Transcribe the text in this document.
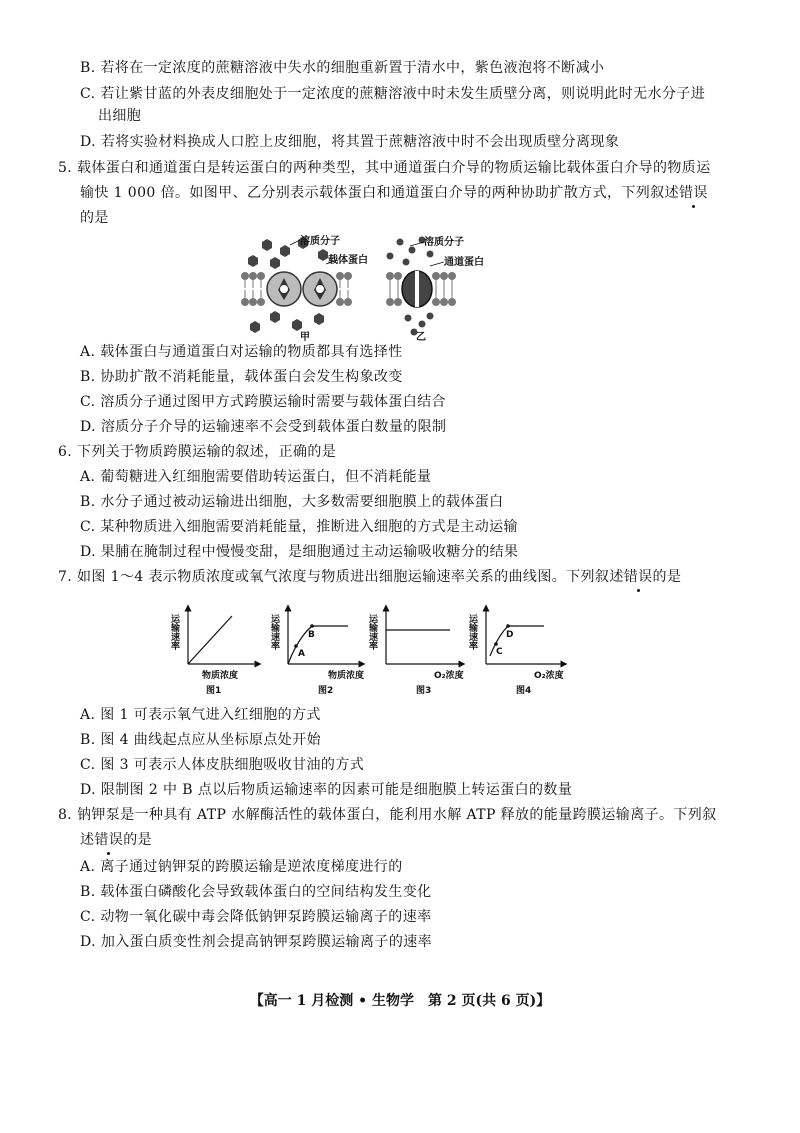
B. 若将在一定浓度的蔗糖溶液中失水的细胞重新置于清水中，紫色液泡将不断减小
C. 若让紫甘蓝的外表皮细胞处于一定浓度的蔗糖溶液中时未发生质壁分离，则说明此时无水分子进
出细胞
D. 若将实验材料换成人口腔上皮细胞，将其置于蔗糖溶液中时不会出现质壁分离现象
5. 载体蛋白和通道蛋白是转运蛋白的两种类型，其中通道蛋白介导的物质运输比载体蛋白介导的物质运
输快 1 000 倍。如图甲、乙分别表示载体蛋白和通道蛋白介导的两种协助扩散方式，下列叙述错误
的是
溶质分子
载体蛋白
甲
溶质分子
通道蛋白
乙
A. 载体蛋白与通道蛋白对运输的物质都具有选择性
B. 协助扩散不消耗能量，载体蛋白会发生构象改变
C. 溶质分子通过图甲方式跨膜运输时需要与载体蛋白结合
D. 溶质分子介导的运输速率不会受到载体蛋白数量的限制
6. 下列关于物质跨膜运输的叙述，正确的是
A. 葡萄糖进入红细胞需要借助转运蛋白，但不消耗能量
B. 水分子通过被动运输进出细胞，大多数需要细胞膜上的载体蛋白
C. 某种物质进入细胞需要消耗能量，推断进入细胞的方式是主动运输
D. 果脯在腌制过程中慢慢变甜，是细胞通过主动运输吸收糖分的结果
7. 如图 1～4 表示物质浓度或氧气浓度与物质进出细胞运输速率关系的曲线图。下列叙述错误的是
运输速率
物质浓度
图1
运输速率
A
B
物质浓度
图2
运输速率
O₂浓度
图3
运输速率
C
D
O₂浓度
图4
A. 图 1 可表示氧气进入红细胞的方式
B. 图 4 曲线起点应从坐标原点处开始
C. 图 3 可表示人体皮肤细胞吸收甘油的方式
D. 限制图 2 中 B 点以后物质运输速率的因素可能是细胞膜上转运蛋白的数量
8. 钠钾泵是一种具有 ATP 水解酶活性的载体蛋白，能利用水解 ATP 释放的能量跨膜运输离子。下列叙
述错误的是
A. 离子通过钠钾泵的跨膜运输是逆浓度梯度进行的
B. 载体蛋白磷酸化会导致载体蛋白的空间结构发生变化
C. 动物一氧化碳中毒会降低钠钾泵跨膜运输离子的速率
D. 加入蛋白质变性剂会提高钠钾泵跨膜运输离子的速率
【高一 1 月检测 • 生物学　第 2 页(共 6 页)】
